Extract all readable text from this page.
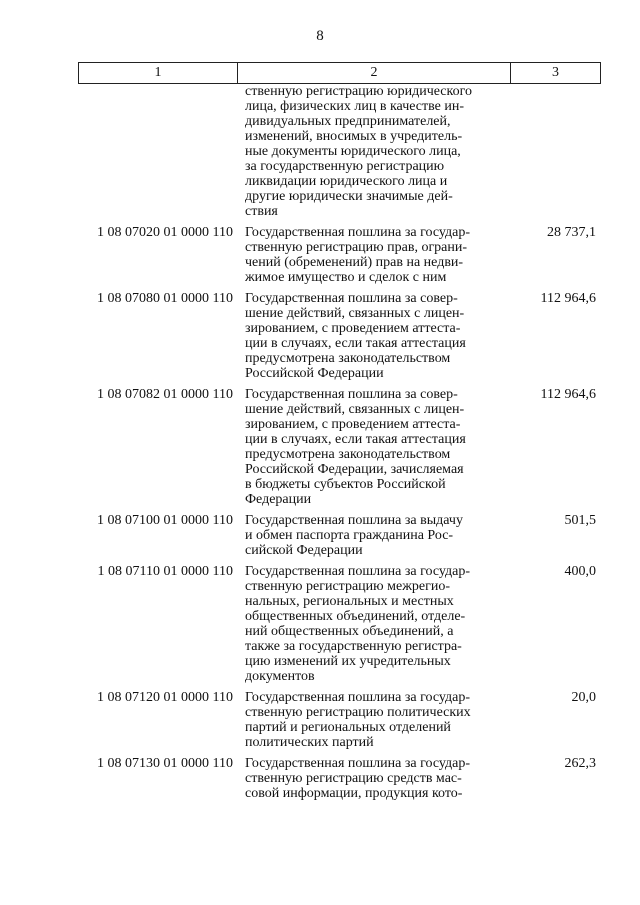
8
1	2	3
ственную регистрацию юридического
лица, физических лиц в качестве ин-
дивидуальных предпринимателей,
изменений, вносимых в учредитель-
ные документы юридического лица,
за государственную регистрацию
ликвидации юридического лица и
другие юридически значимые дей-
ствия
1 08 07020 01 0000 110 Государственная пошлина за государ-
ственную регистрацию прав, ограни-
чений (обременений) прав на недви-
жимое имущество и сделок с ним
28 737,1
1 08 07080 01 0000 110 Государственная пошлина за совер-
шение действий, связанных с лицен-
зированием, с проведением аттеста-
ции в случаях, если такая аттестация
предусмотрена законодательством
Российской Федерации
112 964,6
1 08 07082 01 0000 110 Государственная пошлина за совер-
шение действий, связанных с лицен-
зированием, с проведением аттеста-
ции в случаях, если такая аттестация
предусмотрена законодательством
Российской Федерации, зачисляемая
в бюджеты субъектов Российской
Федерации
112 964,6
1 08 07100 01 0000 110 Государственная пошлина за выдачу
и обмен паспорта гражданина Рос-
сийской Федерации
501,5
1 08 07110 01 0000 110 Государственная пошлина за государ-
ственную регистрацию межрегио-
нальных, региональных и местных
общественных объединений, отделе-
ний общественных объединений, а
также за государственную регистра-
цию изменений их учредительных
документов
400,0
1 08 07120 01 0000 110 Государственная пошлина за государ-
ственную регистрацию политических
партий и региональных отделений
политических партий
20,0
1 08 07130 01 0000 110 Государственная пошлина за государ-
ственную регистрацию средств мас-
совой информации, продукция кото-
262,3
